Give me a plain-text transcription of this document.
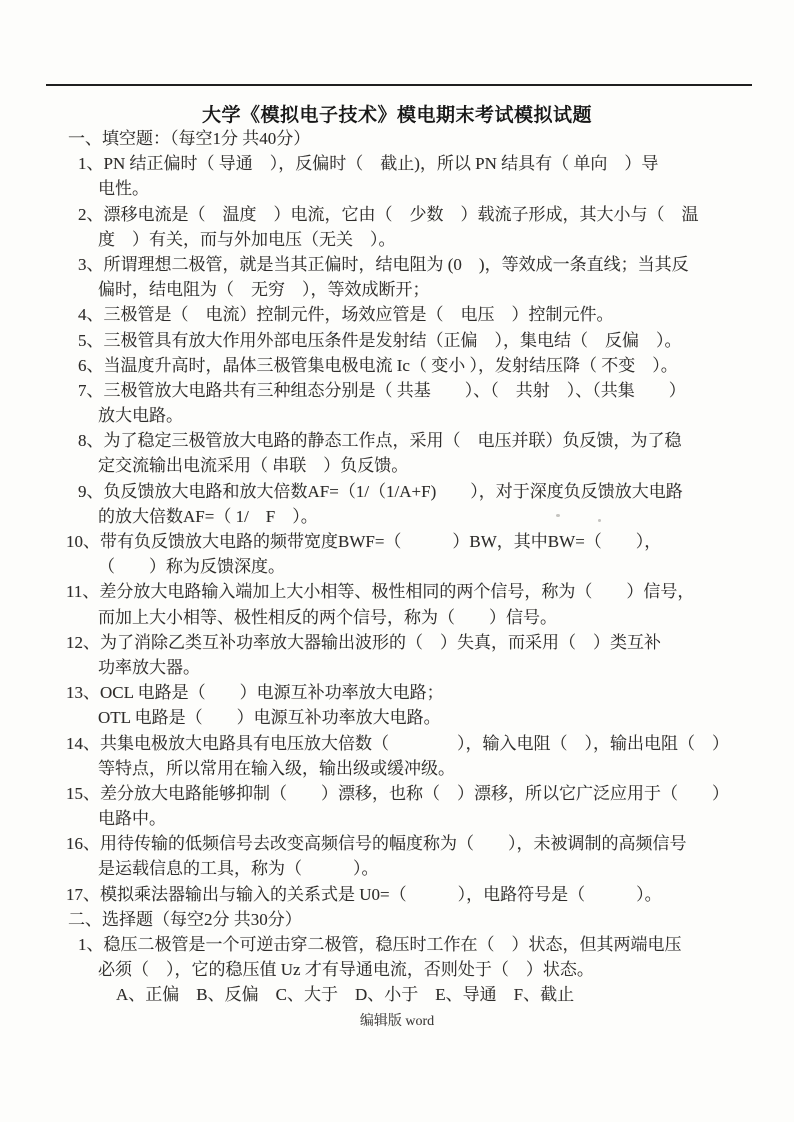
大学《模拟电子技术》模电期末考试模拟试题
一、填空题：（每空1分 共40分）
1、PN 结正偏时（ 导通　），反偏时（　截止)，所以 PN 结具有（ 单向　）导
电性。
2、漂移电流是（　温度　）电流，它由（　少数　）载流子形成，其大小与（　温
度　）有关，而与外加电压（无关　）。
3、所谓理想二极管，就是当其正偏时，结电阻为 (0　)，等效成一条直线；当其反
偏时，结电阻为（　无穷　），等效成断开；
4、三极管是（　电流）控制元件，场效应管是（　电压　）控制元件。
5、三极管具有放大作用外部电压条件是发射结（正偏　），集电结（　反偏　）。
6、当温度升高时，晶体三极管集电极电流 Ic（ 变小 ），发射结压降（ 不变　）。
7、三极管放大电路共有三种组态分别是（ 共基　　）、（　共射　）、（共集　　）
放大电路。
8、为了稳定三极管放大电路的静态工作点，采用（　电压并联）负反馈，为了稳
定交流输出电流采用（ 串联　）负反馈。
9、负反馈放大电路和放大倍数AF=（1/（1/A+F)　　），对于深度负反馈放大电路
的放大倍数AF=（ 1/　F　）。
10、带有负反馈放大电路的频带宽度BWF=（　　　）BW，其中BW=（　　），
（　　）称为反馈深度。
11、差分放大电路输入端加上大小相等、极性相同的两个信号，称为（　　）信号，
而加上大小相等、极性相反的两个信号，称为（　　）信号。
12、为了消除乙类互补功率放大器输出波形的（　）失真，而采用（　）类互补
功率放大器。
13、OCL 电路是（　　）电源互补功率放大电路；
OTL 电路是（　　）电源互补功率放大电路。
14、共集电极放大电路具有电压放大倍数（　　　　），输入电阻（　），输出电阻（　）
等特点，所以常用在输入级，输出级或缓冲级。
15、差分放大电路能够抑制（　　）漂移，也称（　）漂移，所以它广泛应用于（　　）
电路中。
16、用待传输的低频信号去改变高频信号的幅度称为（　　），未被调制的高频信号
是运载信息的工具，称为（　　　）。
17、模拟乘法器输出与输入的关系式是 U0=（　　　），电路符号是（　　　）。
二、选择题（每空2分 共30分）
1、稳压二极管是一个可逆击穿二极管，稳压时工作在（　）状态，但其两端电压
必须（　），它的稳压值 Uz 才有导通电流，否则处于（　）状态。
A、正偏　B、反偏　C、大于　D、小于　E、导通　F、截止
编辑版 word
